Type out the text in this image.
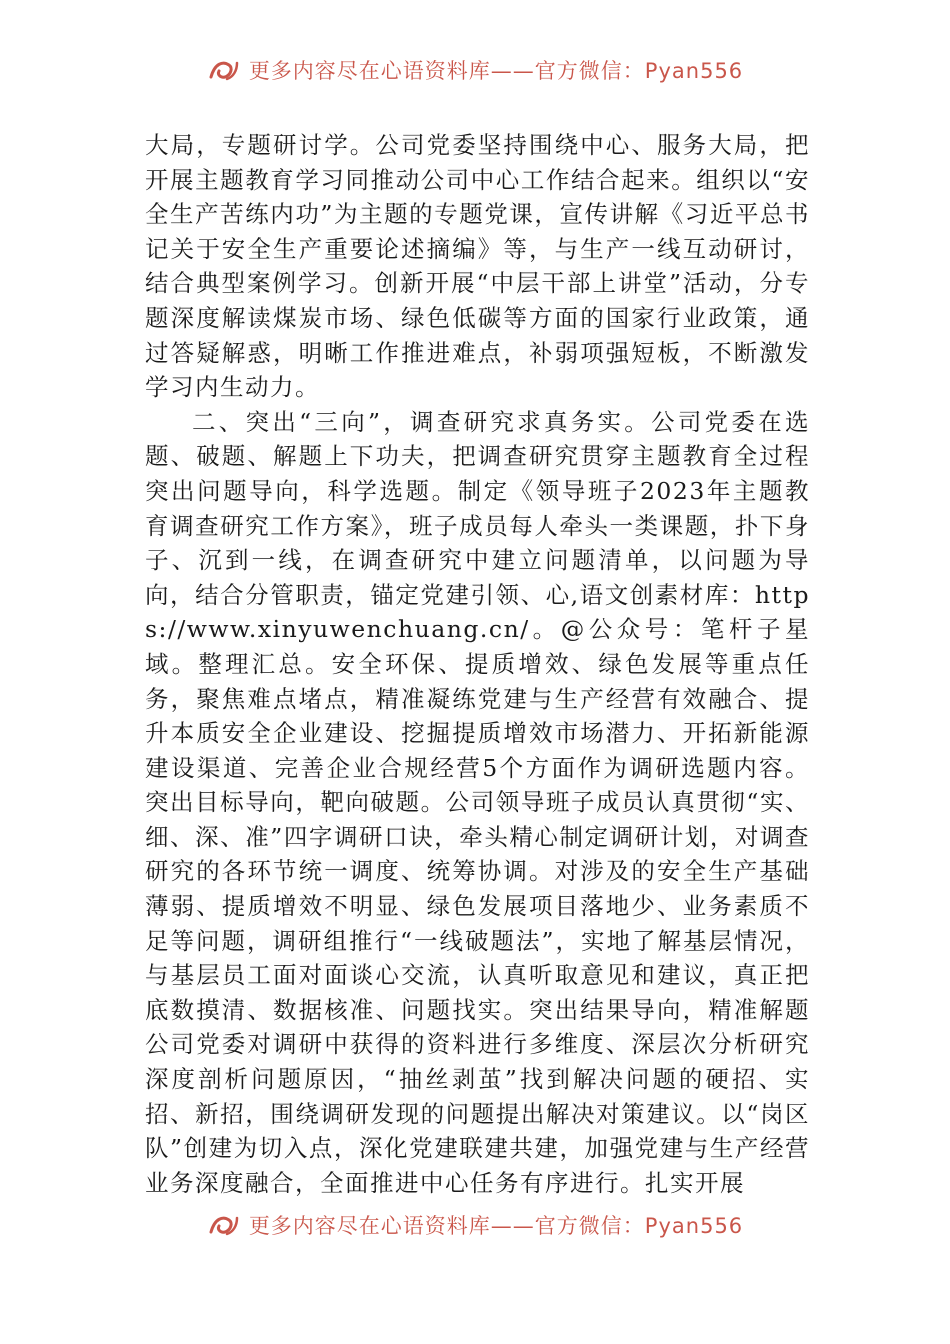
更多内容尽在心语资料库——官方微信：Pyan556

大局，专题研讨学。公司党委坚持围绕中心、服务大局，把开展主题教育学习同推动公司中心工作结合起来。组织以“安全生产苦练内功”为主题的专题党课，宣传讲解《习近平总书记关于安全生产重要论述摘编》等，与生产一线互动研讨，结合典型案例学习。创新开展“中层干部上讲堂”活动，分专题深度解读煤炭市场、绿色低碳等方面的国家行业政策，通过答疑解惑，明晰工作推进难点，补弱项强短板，不断激发学习内生动力。

二、突出“三向”，调查研究求真务实。公司党委在选题、破题、解题上下功夫，把调查研究贯穿主题教育全过程突出问题导向，科学选题。制定《领导班子2023年主题教育调查研究工作方案》，班子成员每人牵头一类课题，扑下身子、沉到一线，在调查研究中建立问题清单，以问题为导向，结合分管职责，锚定党建引领、心,语文创素材库：https://www.xinyuwenchuang.cn/。@公众号：笔杆子星域。整理汇总。安全环保、提质增效、绿色发展等重点任务，聚焦难点堵点，精准凝练党建与生产经营有效融合、提升本质安全企业建设、挖掘提质增效市场潜力、开拓新能源建设渠道、完善企业合规经营5个方面作为调研选题内容。突出目标导向，靶向破题。公司领导班子成员认真贯彻“实、细、深、准”四字调研口诀，牵头精心制定调研计划，对调查研究的各环节统一调度、统筹协调。对涉及的安全生产基础薄弱、提质增效不明显、绿色发展项目落地少、业务素质不足等问题，调研组推行“一线破题法”，实地了解基层情况，与基层员工面对面谈心交流，认真听取意见和建议，真正把底数摸清、数据核准、问题找实。突出结果导向，精准解题公司党委对调研中获得的资料进行多维度、深层次分析研究深度剖析问题原因，“抽丝剥茧”找到解决问题的硬招、实招、新招，围绕调研发现的问题提出解决对策建议。以“岗区队”创建为切入点，深化党建联建共建，加强党建与生产经营业务深度融合，全面推进中心任务有序进行。扎实开展

更多内容尽在心语资料库——官方微信：Pyan556
